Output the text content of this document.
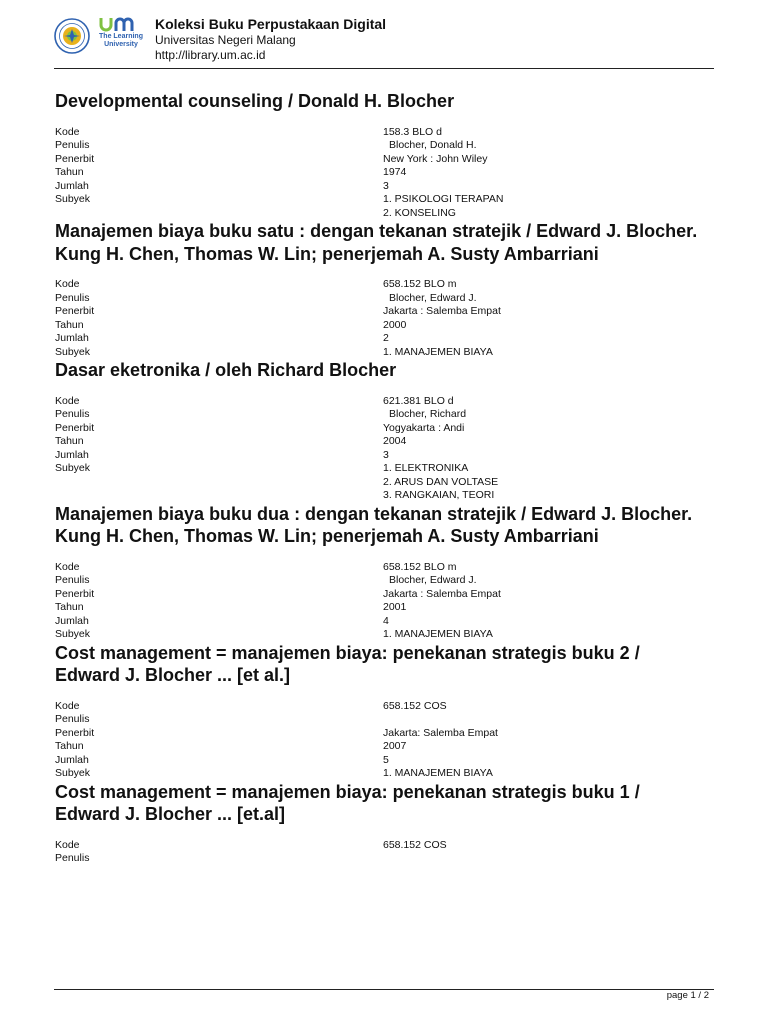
The Learning
University
Koleksi Buku Perpustakaan Digital
Universitas Negeri Malang
http://library.um.ac.id
Developmental counseling / Donald H. Blocher
Kode	158.3 BLO d
Penulis	Blocher, Donald H.
Penerbit	New York : John Wiley
Tahun	1974
Jumlah	3
Subyek	1. PSIKOLOGI TERAPAN
2. KONSELING
Manajemen biaya buku satu : dengan tekanan stratejik / Edward J. Blocher. Kung H. Chen, Thomas W. Lin; penerjemah A. Susty Ambarriani
Kode	658.152 BLO m
Penulis	Blocher, Edward J.
Penerbit	Jakarta : Salemba Empat
Tahun	2000
Jumlah	2
Subyek	1. MANAJEMEN BIAYA
Dasar eketronika / oleh Richard Blocher
Kode	621.381 BLO d
Penulis	Blocher, Richard
Penerbit	Yogyakarta : Andi
Tahun	2004
Jumlah	3
Subyek	1. ELEKTRONIKA
2. ARUS DAN VOLTASE
3. RANGKAIAN, TEORI
Manajemen biaya buku dua : dengan tekanan stratejik / Edward J. Blocher. Kung H. Chen, Thomas W. Lin; penerjemah A. Susty Ambarriani
Kode	658.152 BLO m
Penulis	Blocher, Edward J.
Penerbit	Jakarta : Salemba Empat
Tahun	2001
Jumlah	4
Subyek	1. MANAJEMEN BIAYA
Cost management = manajemen biaya: penekanan strategis buku 2 / Edward J. Blocher ... [et al.]
Kode	658.152 COS
Penulis
Penerbit	Jakarta: Salemba Empat
Tahun	2007
Jumlah	5
Subyek	1. MANAJEMEN BIAYA
Cost management = manajemen biaya: penekanan strategis buku 1 / Edward J. Blocher ... [et.al]
Kode	658.152 COS
Penulis
page 1 / 2
